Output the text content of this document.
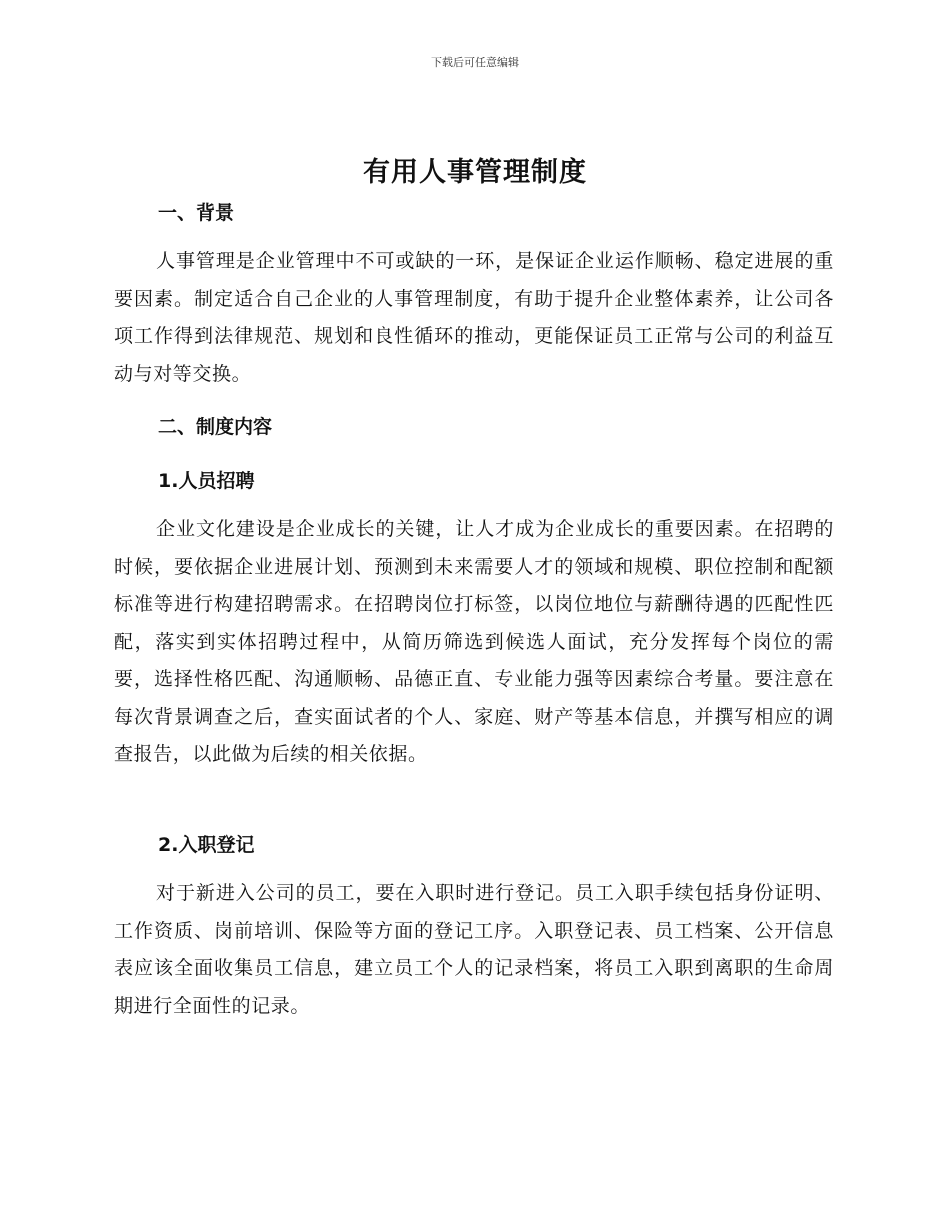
下载后可任意编辑
有用人事管理制度
一、背景
人事管理是企业管理中不可或缺的一环，是保证企业运作顺畅、稳定进展的重要因素。制定适合自己企业的人事管理制度，有助于提升企业整体素养，让公司各项工作得到法律规范、规划和良性循环的推动，更能保证员工正常与公司的利益互动与对等交换。
二、制度内容
1.人员招聘
企业文化建设是企业成长的关键，让人才成为企业成长的重要因素。在招聘的时候，要依据企业进展计划、预测到未来需要人才的领域和规模、职位控制和配额标准等进行构建招聘需求。在招聘岗位打标签，以岗位地位与薪酬待遇的匹配性匹配，落实到实体招聘过程中，从简历筛选到候选人面试，充分发挥每个岗位的需要，选择性格匹配、沟通顺畅、品德正直、专业能力强等因素综合考量。要注意在每次背景调查之后，查实面试者的个人、家庭、财产等基本信息，并撰写相应的调查报告，以此做为后续的相关依据。
2.入职登记
对于新进入公司的员工，要在入职时进行登记。员工入职手续包括身份证明、工作资质、岗前培训、保险等方面的登记工序。入职登记表、员工档案、公开信息表应该全面收集员工信息，建立员工个人的记录档案，将员工入职到离职的生命周期进行全面性的记录。
